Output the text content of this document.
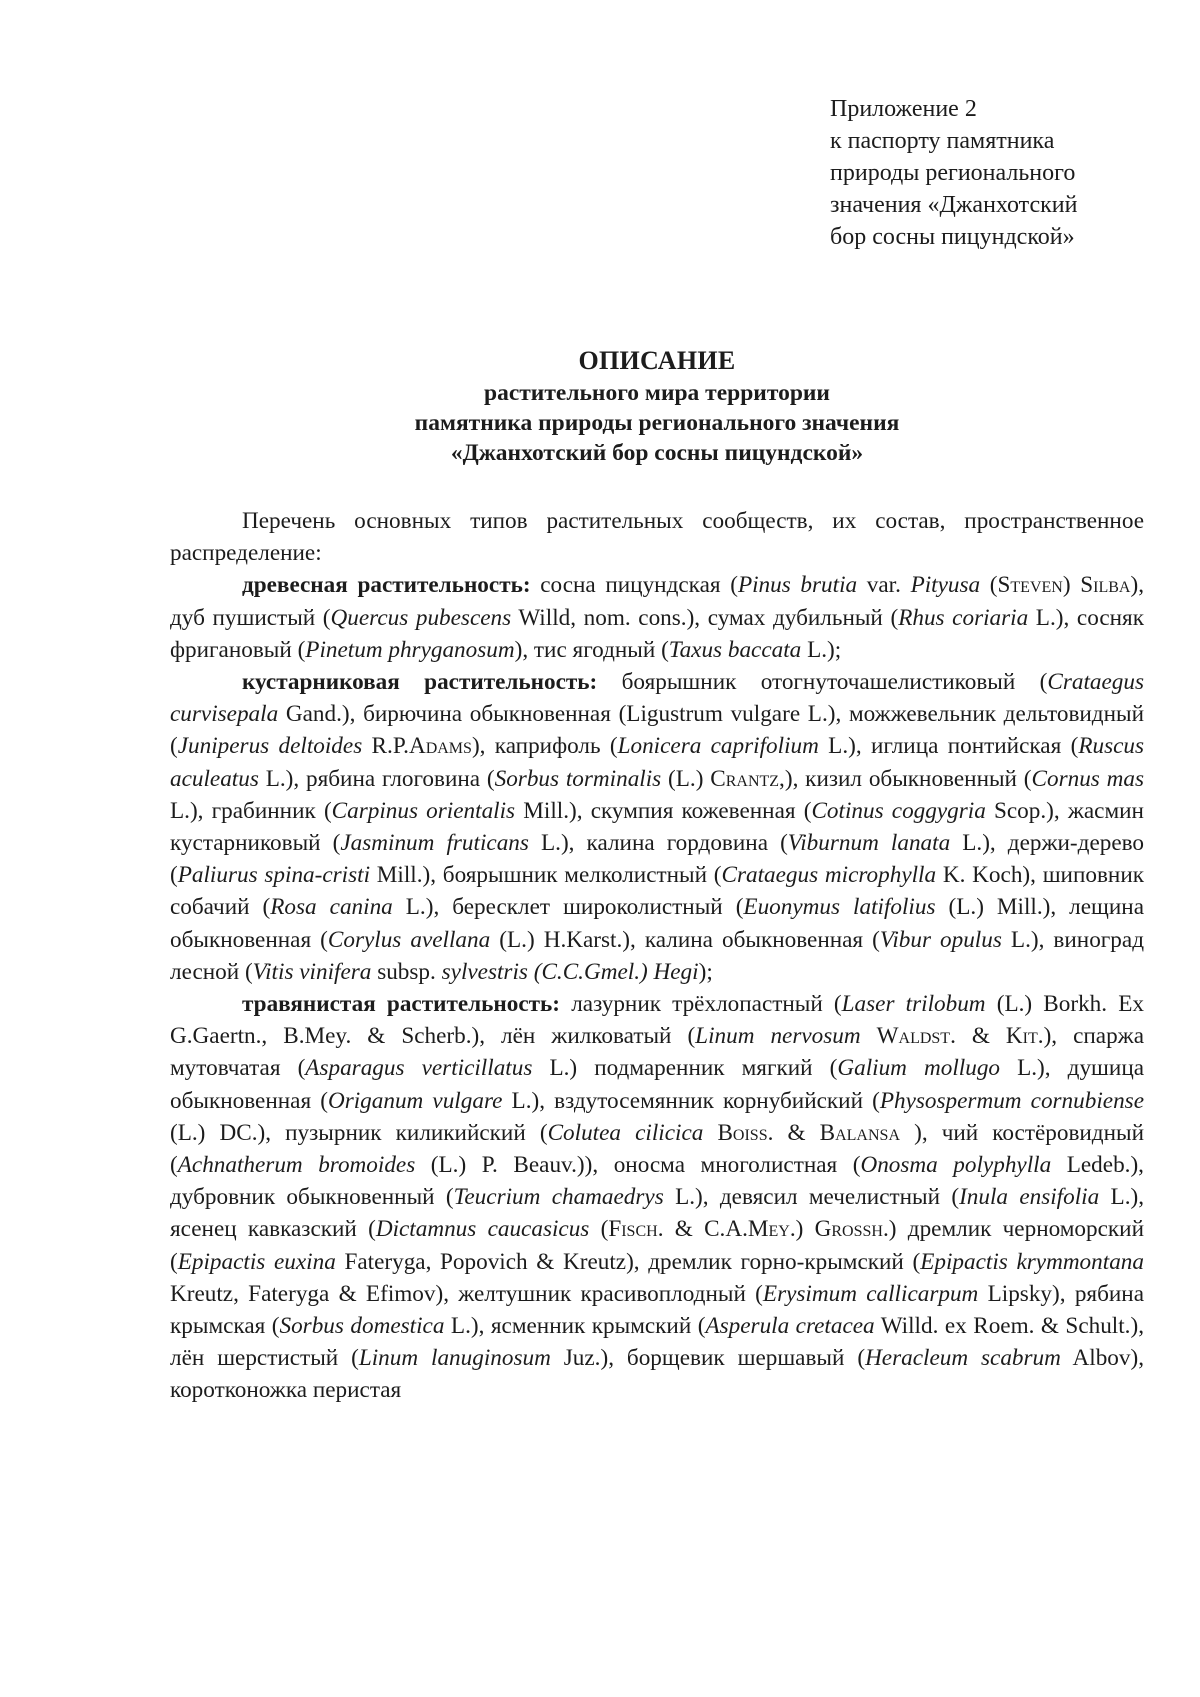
Приложение 2
к паспорту памятника
природы регионального
значения «Джанхотский
бор сосны пицундской»
ОПИСАНИЕ
растительного мира территории
памятника природы регионального значения
«Джанхотский бор сосны пицундской»

Перечень основных типов растительных сообществ, их состав, пространственное распределение:

древесная растительность: сосна пицундская (Pinus brutia var. Pityusa (Steven) Silba), дуб пушистый (Quercus pubescens Willd, nom. cons.), сумах дубильный (Rhus coriaria L.), сосняк фригановый (Pinetum phryganosum), тис ягодный (Taxus baccata L.);

кустарниковая растительность: боярышник отогнуточашелистиковый (Crataegus curvisepala Gand.), бирючина обыкновенная (Ligustrum vulgare L.), можжевельник дельтовидный (Juniperus deltoides R.P.Adams), каприфоль (Lonicera caprifolium L.), иглица понтийская (Ruscus aculeatus L.), рябина глоговина (Sorbus torminalis (L.) Crantz,), кизил обыкновенный (Cornus mas L.), грабинник (Carpinus orientalis Mill.), скумпия кожевенная (Cotinus coggygria Scop.), жасмин кустарниковый (Jasminum fruticans L.), калина гордовина (Viburnum lanata L.), держи-дерево (Paliurus spina-cristi Mill.), боярышник мелколистный (Crataegus microphylla K. Koch), шиповник собачий (Rosa canina L.), бересклет широколистный (Euonymus latifolius (L.) Mill.), лещина обыкновенная (Corylus avellana (L.) H.Karst.), калина обыкновенная (Vibur opulus L.), виноград лесной (Vitis vinifera subsp. sylvestris (C.C.Gmel.) Hegi);

травянистая растительность: лазурник трёхлопастный (Laser trilobum (L.) Borkh. Ex G.Gaertn., B.Mey. & Scherb.), лён жилковатый (Linum nervosum Waldst. & Kit.), спаржа мутовчатая (Asparagus verticillatus L.) подмаренник мягкий (Galium mollugo L.), душица обыкновенная (Origanum vulgare L.), вздутосемянник корнубийский (Physospermum cornubiense (L.) DC.), пузырник киликийский (Colutea cilicica Boiss. & Balansa ), чий костёровидный (Achnatherum bromoides (L.) P. Beauv.)), оносма многолистная (Onosma polyphylla Ledeb.), дубровник обыкновенный (Teucrium chamaedrys L.), девясил мечелистный (Inula ensifolia L.), ясенец кавказский (Dictamnus caucasicus (Fisch. & C.A.Mey.) Grossh.) дремлик черноморский (Epipactis euxina Fateryga, Popovich & Kreutz), дремлик горно-крымский (Epipactis krymmontana Kreutz, Fateryga & Efimov), желтушник красивоплодный (Erysimum callicarpum Lipsky), рябина крымская (Sorbus domestica L.), ясменник крымский (Asperula cretacea Willd. ex Roem. & Schult.), лён шерстистый (Linum lanuginosum Juz.), борщевик шершавый (Heracleum scabrum Albov), коротконожка перистая
